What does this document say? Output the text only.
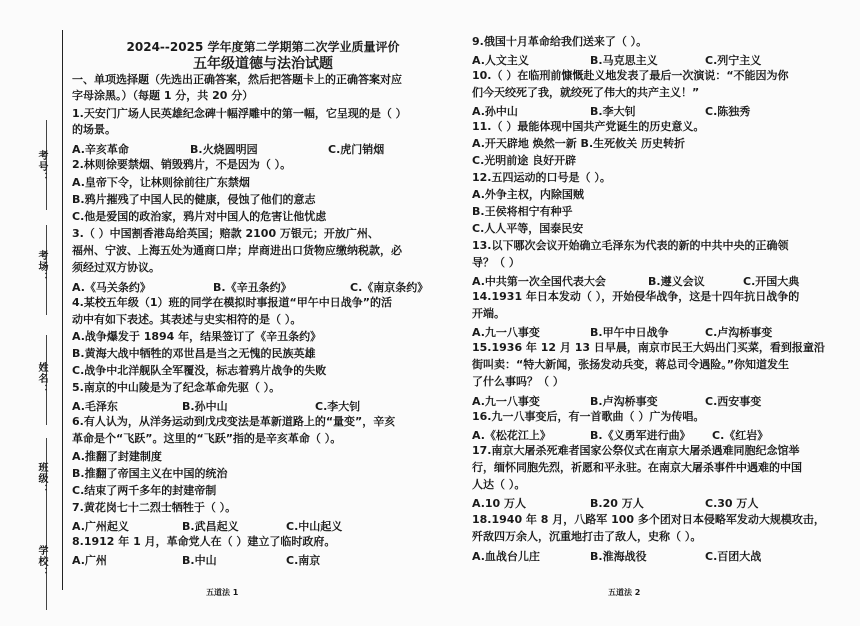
考号：
考场：
姓名：
班级：
学校：
2024--2025 学年度第二学期第二次学业质量评价
五年级道德与法治试题
一、单项选择题（先选出正确答案，然后把答题卡上的正确答案对应
字母涂黑。）（每题 1 分，共 20 分）
1.天安门广场人民英雄纪念碑十幅浮雕中的第一幅，它呈现的是（ ）
的场景。
A.辛亥革命	B.火烧圆明园	C.虎门销烟
2.林则徐要禁烟、销毁鸦片，不是因为（ ）。
A.皇帝下令，让林则徐前往广东禁烟
B.鸦片摧残了中国人民的健康，侵蚀了他们的意志
C.他是爱国的政治家，鸦片对中国人的危害让他忧虑
3.（ ）中国割香港岛给英国；赔款 2100 万银元；开放广州、
福州、宁波、上海五处为通商口岸；岸商进出口货物应缴纳税款，必
须经过双方协议。
A.《马关条约》	B.《辛丑条约》	C.《南京条约》
4.某校五年级（1）班的同学在模拟时事报道“甲午中日战争”的活
动中有如下表述。其表述与史实相符的是（ ）。
A.战争爆发于 1894 年，结果签订了《辛丑条约》
B.黄海大战中牺牲的邓世昌是当之无愧的民族英雄
C.战争中北洋舰队全军覆没，标志着鸦片战争的失败
5.南京的中山陵是为了纪念革命先驱（ ）。
A.毛泽东	B.孙中山	C.李大钊
6.有人认为，从洋务运动到戊戌变法是革新道路上的“量变”，辛亥
革命是个“飞跃”。这里的“飞跃”指的是辛亥革命（ ）。
A.推翻了封建制度
B.推翻了帝国主义在中国的统治
C.结束了两千多年的封建帝制
7.黄花岗七十二烈士牺牲于（ ）。
A.广州起义	B.武昌起义	C.中山起义
8.1912 年 1 月，革命党人在（ ）建立了临时政府。
A.广州	B.中山	C.南京
五道法 1
9.俄国十月革命给我们送来了（ ）。
A.人文主义	B.马克思主义	C.列宁主义
10.（ ）在临刑前慷慨赴义地发表了最后一次演说：“不能因为你
们今天绞死了我，就绞死了伟大的共产主义！”
A.孙中山	B.李大钊	C.陈独秀
11.（ ）最能体现中国共产党诞生的历史意义。
A.开天辟地 焕然一新 B.生死攸关 历史转折
C.光明前途 良好开辟
12.五四运动的口号是（ ）。
A.外争主权，内除国贼
B.王侯将相宁有种乎
C.人人平等，国泰民安
13.以下哪次会议开始确立毛泽东为代表的新的中共中央的正确领
导？（ ）
A.中共第一次全国代表大会	B.遵义会议	C.开国大典
14.1931 年日本发动（ ），开始侵华战争，这是十四年抗日战争的
开端。
A.九一八事变	B.甲午中日战争	C.卢沟桥事变
15.1936 年 12 月 13 日早晨，南京市民王大妈出门买菜，看到报童沿
街叫卖：“特大新闻，张扬发动兵变，蒋总司令遇险。”你知道发生
了什么事吗？（ ）
A.九一八事变	B.卢沟桥事变	C.西安事变
16.九一八事变后，有一首歌曲（ ）广为传唱。
A.《松花江上》	B.《义勇军进行曲》 C.《红岩》
17.南京大屠杀死难者国家公祭仪式在南京大屠杀遇难同胞纪念馆举
行，缅怀同胞先烈，祈愿和平永驻。在南京大屠杀事件中遇难的中国
人达（ ）。
A.10 万人	B.20 万人	C.30 万人
18.1940 年 8 月，八路军 100 多个团对日本侵略军发动大规模攻击，
歼敌四万余人，沉重地打击了敌人，史称（ ）。
A.血战台儿庄	B.淮海战役	C.百团大战
五道法 2
